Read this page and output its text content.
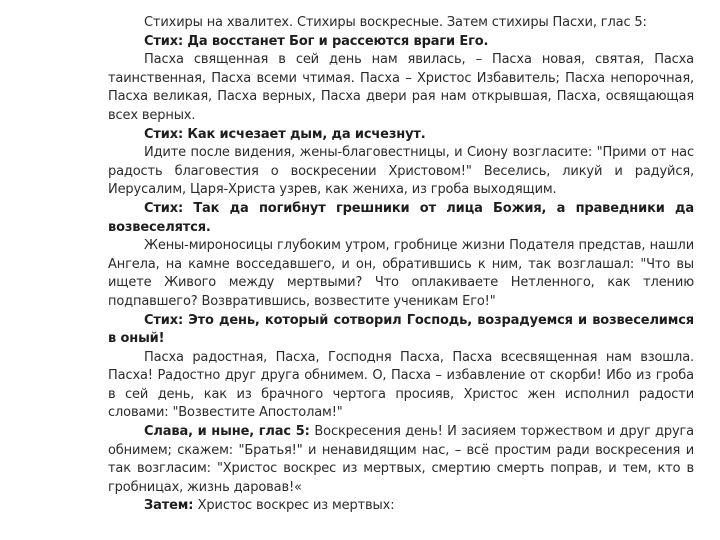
Стихиры на хвалитех. Стихиры воскресные. Затем стихиры Пасхи, глас 5:

Стих: Да восстанет Бог и рассеются враги Его.

Пасха священная в сей день нам явилась, – Пасха новая, святая, Пасха таинственная, Пасха всеми чтимая. Пасха – Христос Избавитель; Пасха непорочная, Пасха великая, Пасха верных, Пасха двери рая нам открывшая, Пасха, освящающая всех верных.

Стих: Как исчезает дым, да исчезнут.

Идите после видения, жены-благовестницы, и Сиону возгласите: "Прими от нас радость благовестия о воскресении Христовом!" Веселись, ликуй и радуйся, Иерусалим, Царя-Христа узрев, как жениха, из гроба выходящим.

Стих: Так да погибнут грешники от лица Божия, а праведники да возвеселятся.

Жены-мироносицы глубоким утром, гробнице жизни Подателя представ, нашли Ангела, на камне восседавшего, и он, обратившись к ним, так возглашал: "Что вы ищете Живого между мертвыми? Что оплакиваете Нетленного, как тлению подпавшего? Возвратившись, возвестите ученикам Его!"

Стих: Это день, который сотворил Господь, возрадуемся и возвеселимся в оный!

Пасха радостная, Пасха, Господня Пасха, Пасха всесвященная нам взошла. Пасха! Радостно друг друга обнимем. О, Пасха – избавление от скорби! Ибо из гроба в сей день, как из брачного чертога просияв, Христос жен исполнил радости словами: "Возвестите Апостолам!"

Слава, и ныне, глас 5: Воскресения день! И засияем торжеством и друг друга обнимем; скажем: "Братья!" и ненавидящим нас, – всё простим ради воскресения и так возгласим: "Христос воскрес из мертвых, смертию смерть поправ, и тем, кто в гробницах, жизнь даровав!«

Затем: Христос воскрес из мертвых:
